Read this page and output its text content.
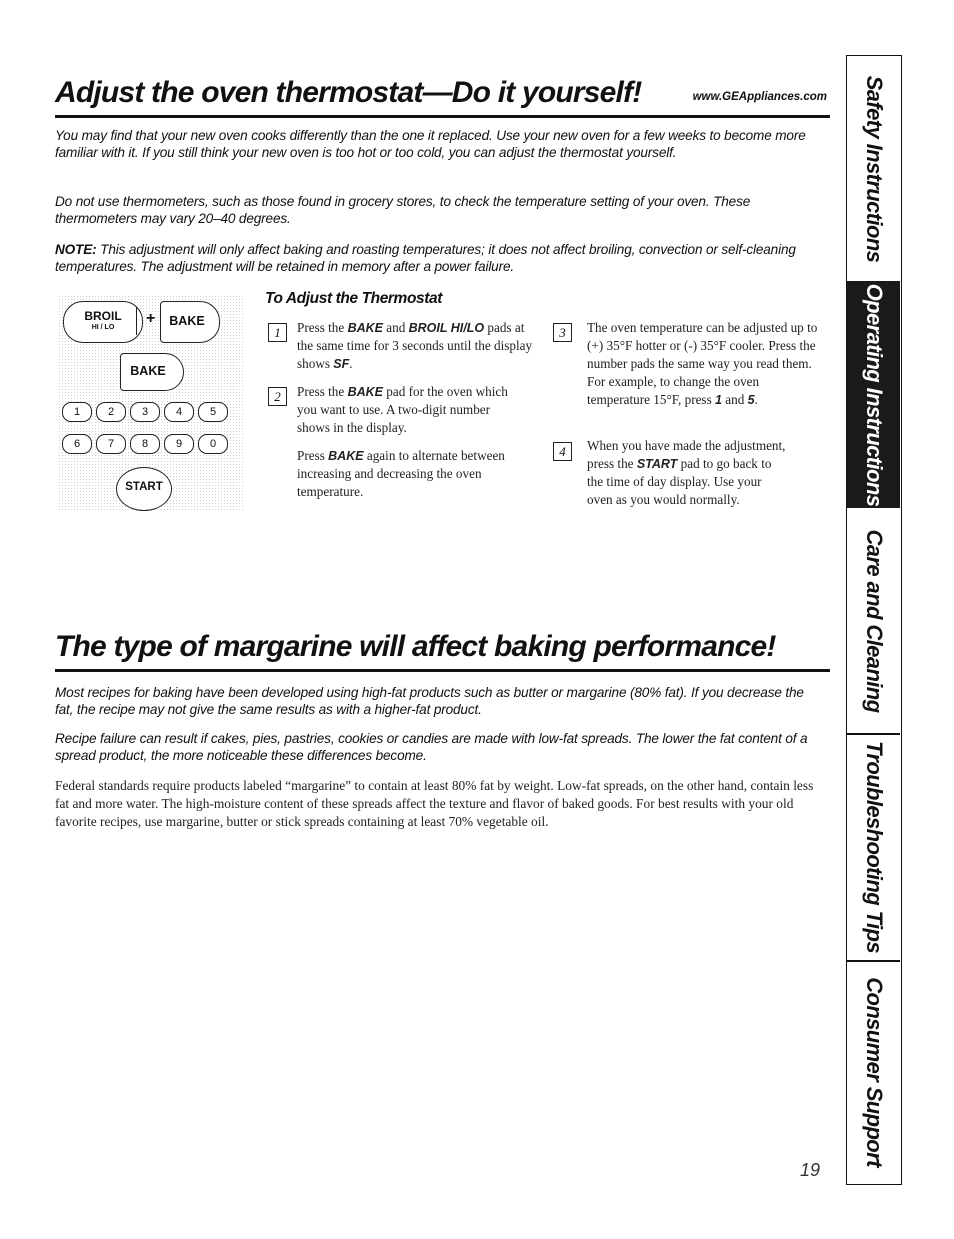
Adjust the oven thermostat—Do it yourself!	www.GEAppliances.com

You may find that your new oven cooks differently than the one it replaced. Use your new oven for a few weeks to become more familiar with it. If you still think your new oven is too hot or too cold, you can adjust the thermostat yourself.

Do not use thermometers, such as those found in grocery stores, to check the temperature setting of your oven. These thermometers may vary 20–40 degrees.

NOTE: This adjustment will only affect baking and roasting temperatures; it does not affect broiling, convection or self-cleaning temperatures. The adjustment will be retained in memory after a power failure.

BROIL
HI / LO
+	BAKE
BAKE
1	2	3	4	5
6	7	8	9	0
START
To Adjust the Thermostat
1	Press the BAKE and BROIL HI/LO pads at the same time for 3 seconds until the display shows SF.
2	Press the BAKE pad for the oven which you want to use. A two-digit number shows in the display.
Press BAKE again to alternate between increasing and decreasing the oven temperature.
3	The oven temperature can be adjusted up to (+) 35°F hotter or (-) 35°F cooler. Press the number pads the same way you read them. For example, to change the oven temperature 15°F, press 1 and 5.
4	When you have made the adjustment, press the START pad to go back to the time of day display. Use your oven as you would normally.
The type of margarine will affect baking performance!

Most recipes for baking have been developed using high-fat products such as butter or margarine (80% fat). If you decrease the fat, the recipe may not give the same results as with a higher-fat product.

Recipe failure can result if cakes, pies, pastries, cookies or candies are made with low-fat spreads. The lower the fat content of a spread product, the more noticeable these differences become.

Federal standards require products labeled “margarine” to contain at least 80% fat by weight. Low-fat spreads, on the other hand, contain less fat and more water. The high-moisture content of these spreads affect the texture and flavor of baked goods. For best results with your old favorite recipes, use margarine, butter or stick spreads containing at least 70% vegetable oil.

19
Safety Instructions
Operating Instructions
Care and Cleaning
Troubleshooting Tips
Consumer Support
